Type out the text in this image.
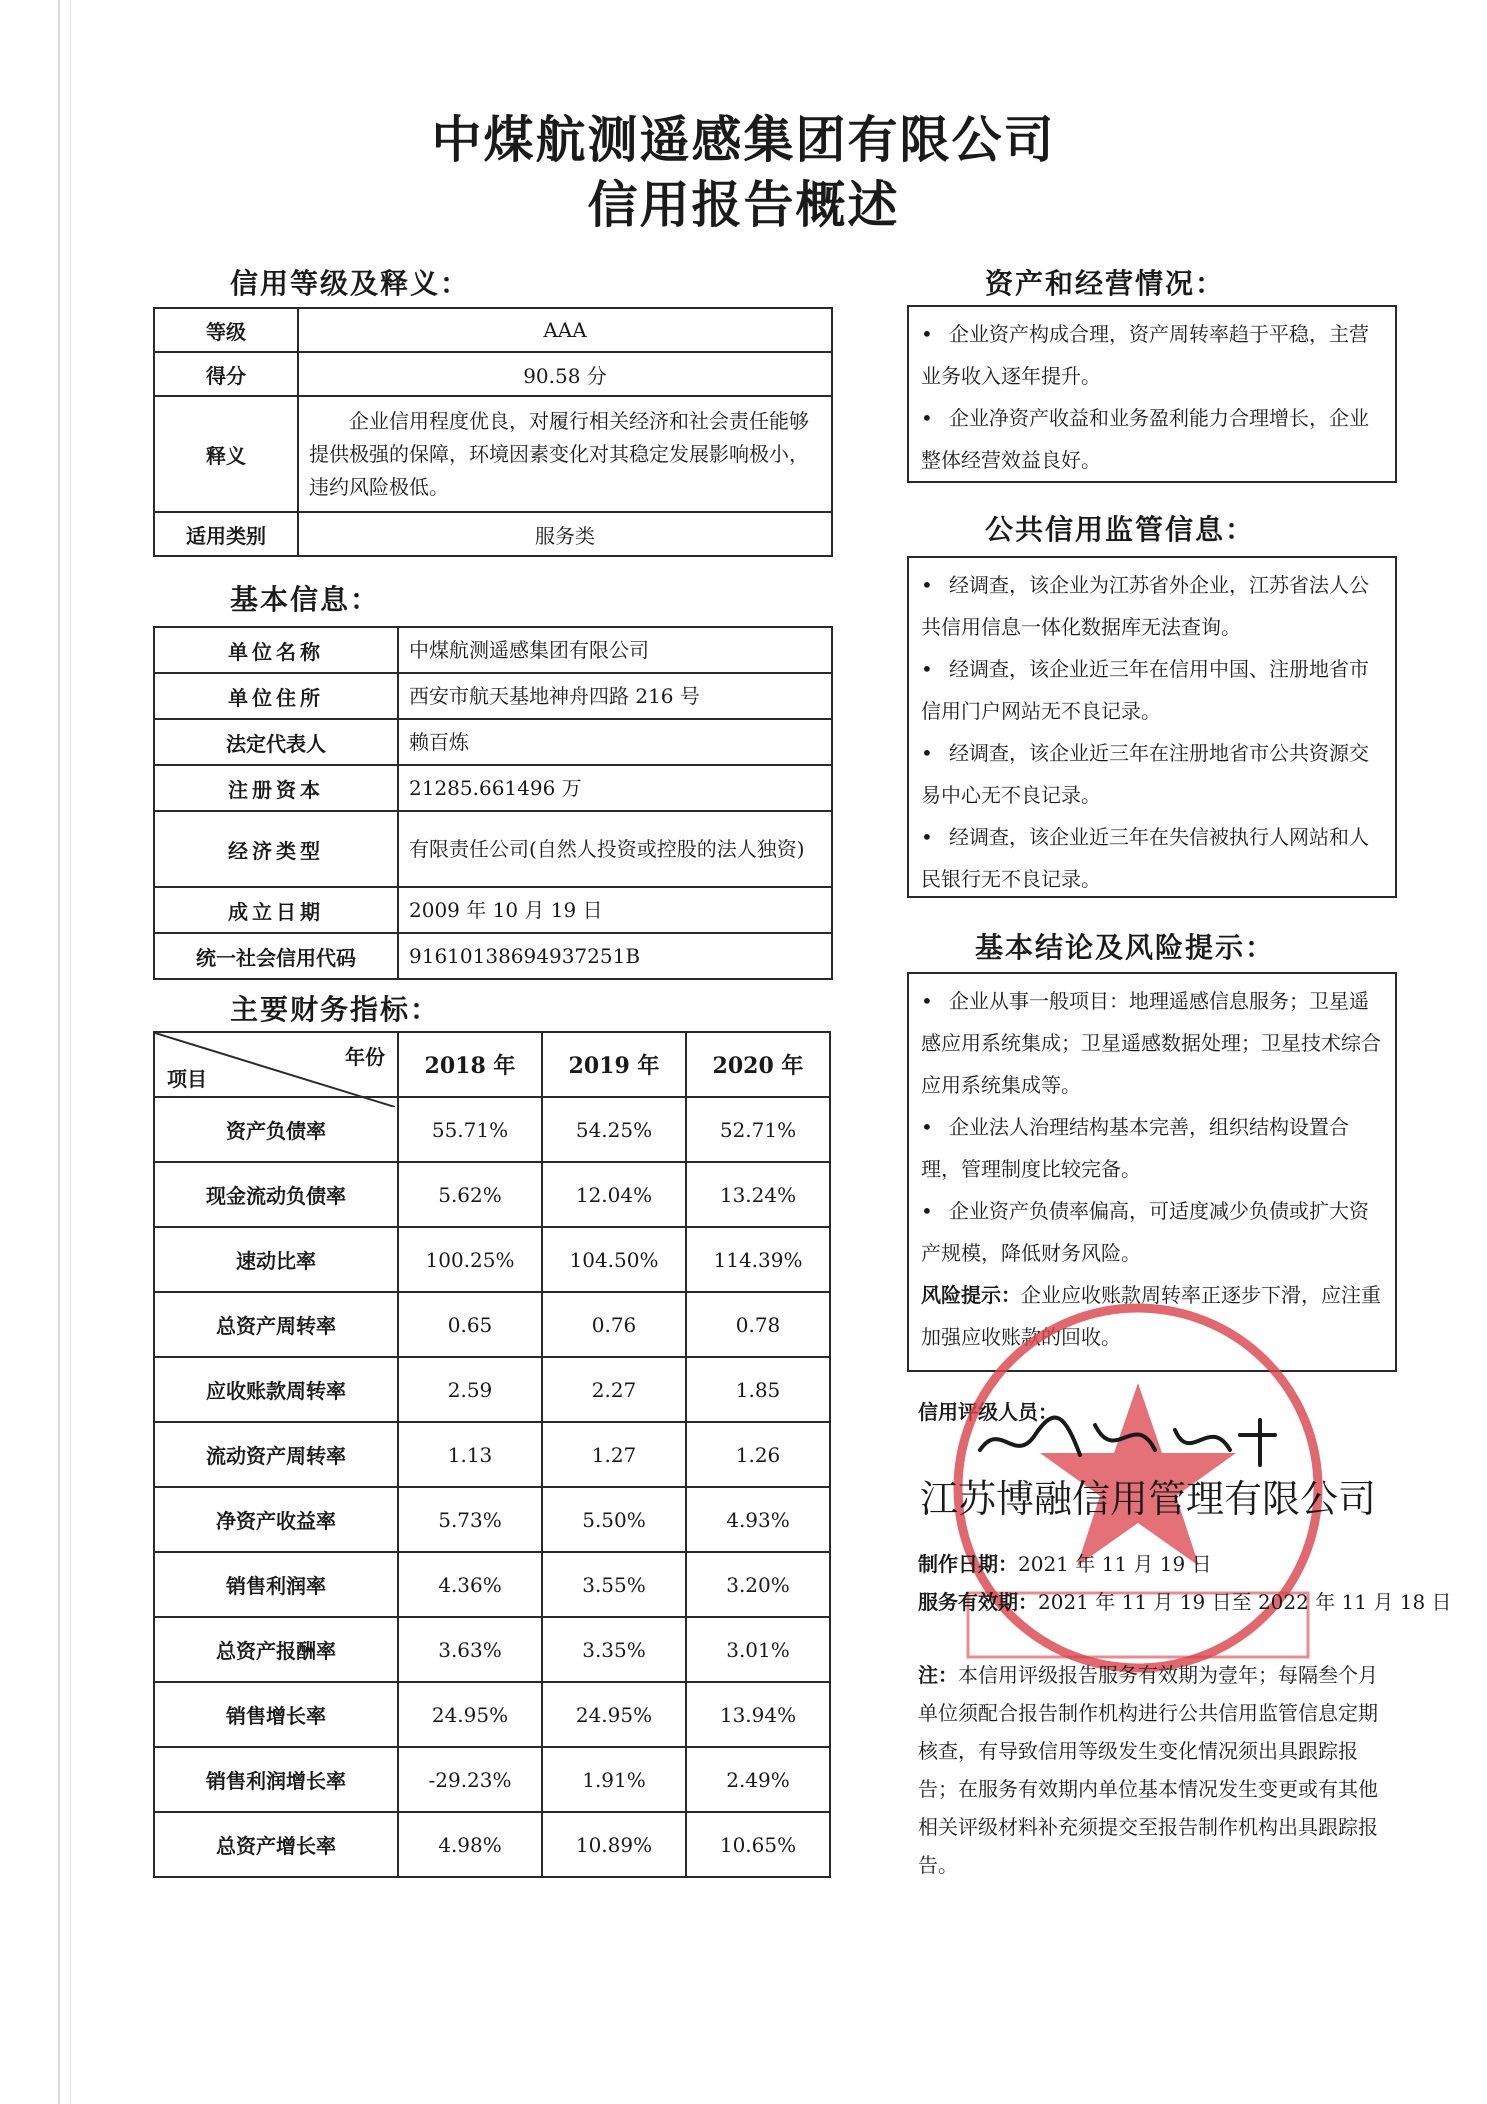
中煤航测遥感集团有限公司
信用报告概述
信用等级及释义：
等级	AAA
得分	90.58 分
释义	企业信用程度优良，对履行相关经济和社会责任能够提供极强的保障，环境因素变化对其稳定发展影响极小，违约风险极低。
适用类别	服务类
基本信息：
单位名称	中煤航测遥感集团有限公司
单位住所	西安市航天基地神舟四路 216 号
法定代表人	赖百炼
注册资本	21285.661496 万
经济类型	有限责任公司(自然人投资或控股的法人独资)
成立日期	2009 年 10 月 19 日
统一社会信用代码	91610138694937251B
主要财务指标：
年份
项目	2018 年	2019 年	2020 年
资产负债率	55.71%	54.25%	52.71%
现金流动负债率	5.62%	12.04%	13.24%
速动比率	100.25%	104.50%	114.39%
总资产周转率	0.65	0.76	0.78
应收账款周转率	2.59	2.27	1.85
流动资产周转率	1.13	1.27	1.26
净资产收益率	5.73%	5.50%	4.93%
销售利润率	4.36%	3.55%	3.20%
总资产报酬率	3.63%	3.35%	3.01%
销售增长率	24.95%	24.95%	13.94%
销售利润增长率	-29.23%	1.91%	2.49%
总资产增长率	4.98%	10.89%	10.65%
资产和经营情况：
• 企业资产构成合理，资产周转率趋于平稳，主营业务收入逐年提升。
• 企业净资产收益和业务盈利能力合理增长，企业整体经营效益良好。
公共信用监管信息：
• 经调查，该企业为江苏省外企业，江苏省法人公共信用信息一体化数据库无法查询。
• 经调查，该企业近三年在信用中国、注册地省市信用门户网站无不良记录。
• 经调查，该企业近三年在注册地省市公共资源交易中心无不良记录。
• 经调查，该企业近三年在失信被执行人网站和人民银行无不良记录。
基本结论及风险提示：
• 企业从事一般项目：地理遥感信息服务；卫星遥感应用系统集成；卫星遥感数据处理；卫星技术综合应用系统集成等。
• 企业法人治理结构基本完善，组织结构设置合理，管理制度比较完备。
• 企业资产负债率偏高，可适度减少负债或扩大资产规模，降低财务风险。
风险提示：企业应收账款周转率正逐步下滑，应注重加强应收账款的回收。
信用评级人员：
江苏博融信用管理有限公司
制作日期：2021 年 11 月 19 日
服务有效期：2021 年 11 月 19 日至 2022 年 11 月 18 日
注：本信用评级报告服务有效期为壹年；每隔叁个月单位须配合报告制作机构进行公共信用监管信息定期核查，有导致信用等级发生变化情况须出具跟踪报告；在服务有效期内单位基本情况发生变更或有其他相关评级材料补充须提交至报告制作机构出具跟踪报告。
